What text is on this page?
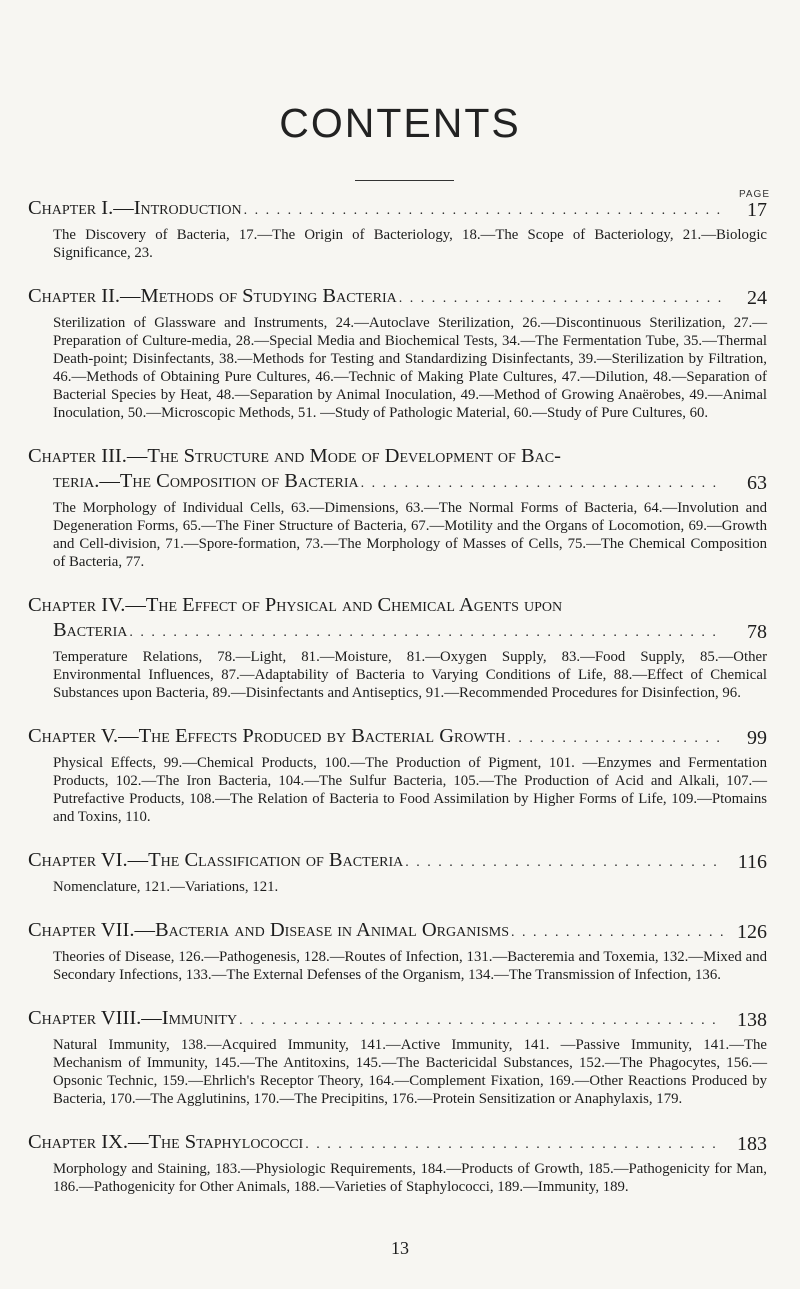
CONTENTS
PAGE
Chapter I.—Introduction . . .	17
The Discovery of Bacteria, 17.—The Origin of Bacteriology, 18.—The Scope of Bacteriology, 21.—Biologic Significance, 23.
Chapter II.—Methods of Studying Bacteria . . .	24
Sterilization of Glassware and Instruments, 24.—Autoclave Sterilization, 26.—Discontinuous Sterilization, 27.—Preparation of Culture-media, 28.—Special Media and Biochemical Tests, 34.—The Fermentation Tube, 35.—Thermal Death-point; Disinfectants, 38.—Methods for Testing and Standardizing Disinfectants, 39.—Sterilization by Filtration, 46.—Methods of Obtaining Pure Cultures, 46.—Technic of Making Plate Cultures, 47.—Dilution, 48.—Separation of Bacterial Species by Heat, 48.—Separation by Animal Inoculation, 49.—Method of Growing Anaërobes, 49.—Animal Inoculation, 50.—Microscopic Methods, 51. —Study of Pathologic Material, 60.—Study of Pure Cultures, 60.
Chapter III.—The Structure and Mode of Development of Bac-
teria.—The Composition of Bacteria . . .	63
The Morphology of Individual Cells, 63.—Dimensions, 63.—The Normal Forms of Bacteria, 64.—Involution and Degeneration Forms, 65.—The Finer Structure of Bacteria, 67.—Motility and the Organs of Locomotion, 69.—Growth and Cell-division, 71.—Spore-formation, 73.—The Morphology of Masses of Cells, 75.—The Chemical Composition of Bacteria, 77.
Chapter IV.—The Effect of Physical and Chemical Agents upon
Bacteria . . .	78
Temperature Relations, 78.—Light, 81.—Moisture, 81.—Oxygen Supply, 83.—Food Supply, 85.—Other Environmental Influences, 87.—Adaptability of Bacteria to Varying Conditions of Life, 88.—Effect of Chemical Substances upon Bacteria, 89.—Disinfectants and Antiseptics, 91.—Recommended Procedures for Disinfection, 96.
Chapter V.—The Effects Produced by Bacterial Growth . . .	99
Physical Effects, 99.—Chemical Products, 100.—The Production of Pigment, 101. —Enzymes and Fermentation Products, 102.—The Iron Bacteria, 104.—The Sulfur Bacteria, 105.—The Production of Acid and Alkali, 107.—Putrefactive Products, 108.—The Relation of Bacteria to Food Assimilation by Higher Forms of Life, 109.—Ptomains and Toxins, 110.
Chapter VI.—The Classification of Bacteria . . .	116
Nomenclature, 121.—Variations, 121.
Chapter VII.—Bacteria and Disease in Animal Organisms . . .	126
Theories of Disease, 126.—Pathogenesis, 128.—Routes of Infection, 131.—Bacteremia and Toxemia, 132.—Mixed and Secondary Infections, 133.—The External Defenses of the Organism, 134.—The Transmission of Infection, 136.
Chapter VIII.—Immunity . . .	138
Natural Immunity, 138.—Acquired Immunity, 141.—Active Immunity, 141. —Passive Immunity, 141.—The Mechanism of Immunity, 145.—The Antitoxins, 145.—The Bactericidal Substances, 152.—The Phagocytes, 156.—Opsonic Technic, 159.—Ehrlich's Receptor Theory, 164.—Complement Fixation, 169.—Other Reactions Produced by Bacteria, 170.—The Agglutinins, 170.—The Precipitins, 176.—Protein Sensitization or Anaphylaxis, 179.
Chapter IX.—The Staphylococci . . .	183
Morphology and Staining, 183.—Physiologic Requirements, 184.—Products of Growth, 185.—Pathogenicity for Man, 186.—Pathogenicity for Other Animals, 188.—Varieties of Staphylococci, 189.—Immunity, 189.
13
